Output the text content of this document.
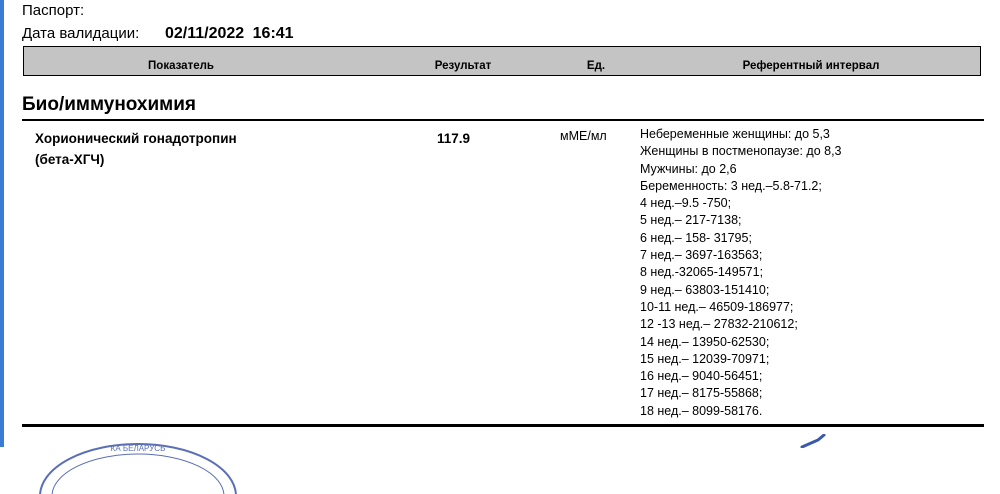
Паспорт:
Дата валидации:	02/11/2022 16:41
Показатель	Результат	Ед.	Референтный интервал
Био/иммунохимия
Хорионический гонадотропин
(бета-ХГЧ)
117.9	мМЕ/мл	Небеременные женщины: до 5,3
Женщины в постменопаузе: до 8,3
Мужчины: до 2,6
Беременность: 3 нед.–5.8-71.2;
4 нед.–9.5 -750;
5 нед.– 217-7138;
6 нед.– 158- 31795;
7 нед.– 3697-163563;
8 нед.-32065-149571;
9 нед.– 63803-151410;
10-11 нед.– 46509-186977;
12 -13 нед.– 27832-210612;
14 нед.– 13950-62530;
15 нед.– 12039-70971;
16 нед.– 9040-56451;
17 нед.– 8175-55868;
18 нед.– 8099-58176.
КА БЕЛАРУСЬ
